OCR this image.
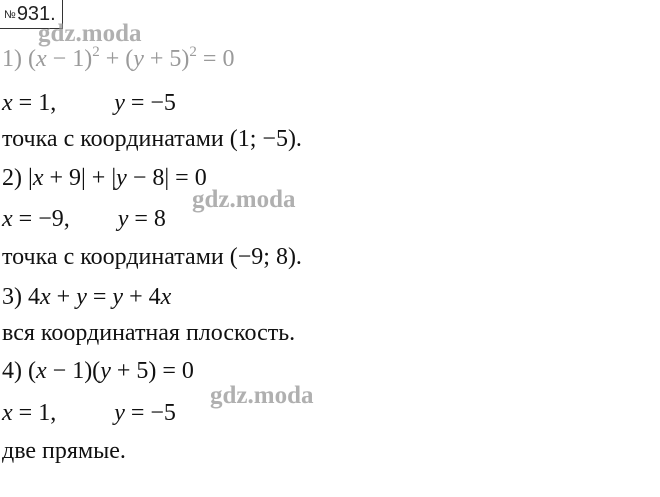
№931.
1) $(x - 1)^2 + (y + 5)^2 = 0$
x = 1, y = −5
точка с координатами (1; −5).
2) |x + 9| + |y − 8| = 0
x = −9, y = 8
точка с координатами (−9; 8).
3) 4x + y = y + 4x
вся координатная плоскость.
4) (x − 1)(y + 5) = 0
x = 1, y = −5
две прямые.
gdz.moda
gdz.moda
gdz.moda
